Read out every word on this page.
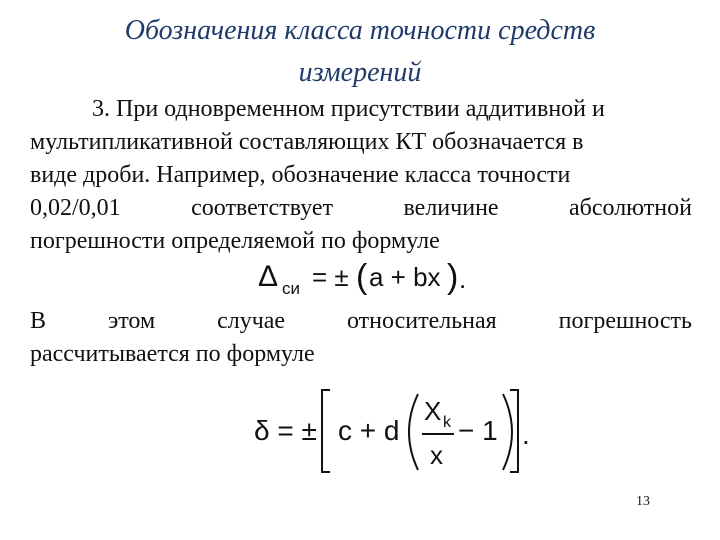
Обозначения класса точности средств
измерений
3. При одновременном присутствии аддитивной и
мультипликативной составляющих КТ обозначается в
виде дроби. Например, обозначение класса точности
0,02/0,01	соответствует	величине	абсолютной
погрешности определяемой по формуле
Δ си = ± ( a + bx ) .
В	этом	случае	относительная	погрешность
рассчитывается по формуле
δ = ± c + d
X k
x
− 1 .
13
